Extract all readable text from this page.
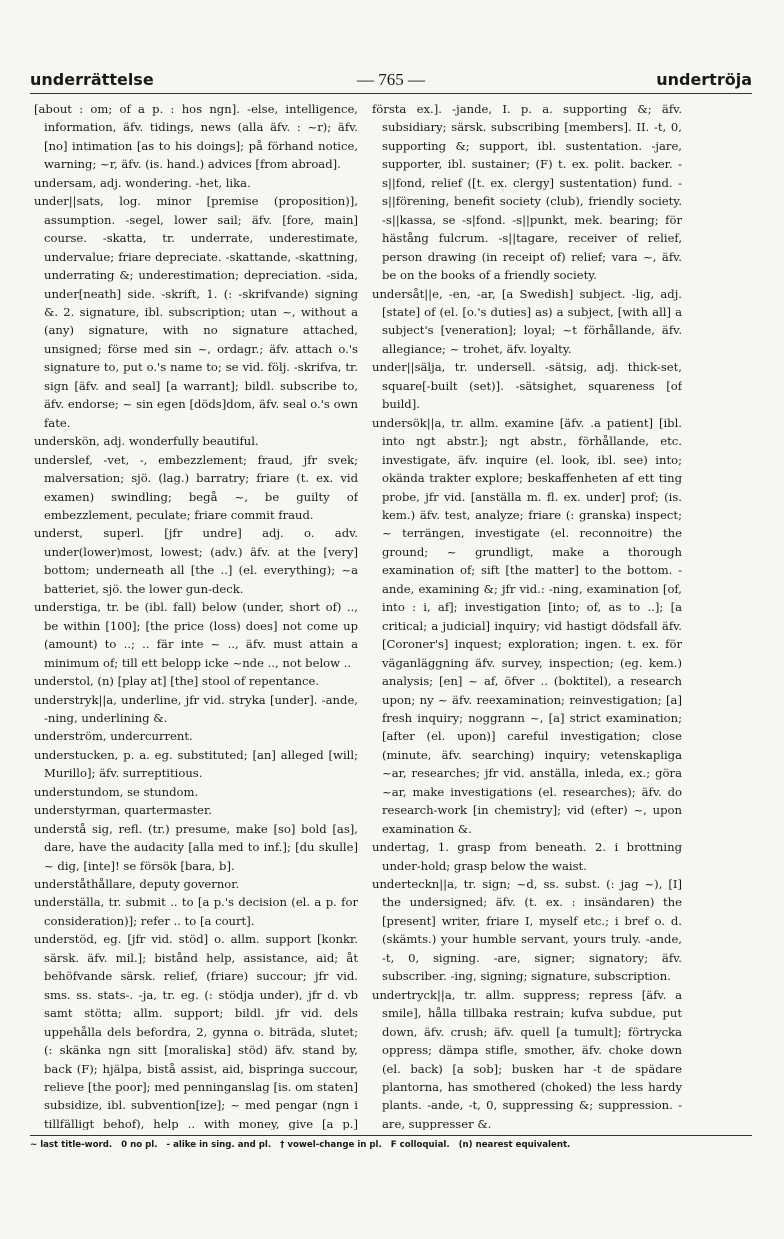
underrättelse	— 765 —	undertröja

[about : om; of a p. : hos ngn]. -else, intelligence, information, äfv. tidings, news (alla äfv. : ~r); äfv. [no] intimation [as to his doings]; på förhand notice, warning; ~r, äfv. (is. hand.) advices [from abroad].

undersam, adj. wondering. -het, lika.

under||sats, log. minor [premise (proposition)], assumption. -segel, lower sail; äfv. [fore, main] course. -skatta, tr. underrate, underestimate, undervalue; friare depreciate. -skattande, -skattning, underrating &; underestimation; depreciation. -sida, under[neath] side. -skrift, 1. (: -skrifvande) signing &. 2. signature, ibl. subscription; utan ~, without a (any) signature, with no signature attached, unsigned; förse med sin ~, ordagr.; äfv. attach o.'s signature to, put o.'s name to; se vid. följ. -skrifva, tr. sign [äfv. and seal] [a warrant]; bildl. subscribe to, äfv. endorse; ~ sin egen [döds]dom, äfv. seal o.'s own fate.

underskön, adj. wonderfully beautiful.

underslef, -vet, -, embezzlement; fraud, jfr svek; malversation; sjö. (lag.) barratry; friare (t. ex. vid examen) swindling; begå ~, be guilty of embezzlement, peculate; friare commit fraud.

underst, superl. [jfr undre] adj. o. adv. under(lower)most, lowest; (adv.) äfv. at the [very] bottom; underneath all [the ..] (el. everything); ~a batteriet, sjö. the lower gun-deck.

understiga, tr. be (ibl. fall) below (under, short of) .., be within [100]; [the price (loss) does] not come up (amount) to ..; .. fär inte ~ .., äfv. must attain a minimum of; till ett belopp icke ~nde .., not below ..

understol, (n) [play at] [the] stool of repentance.

understryk||a, underline, jfr vid. stryka [under]. -ande, -ning, underlining &.

underström, undercurrent.

understucken, p. a. eg. substituted; [an] alleged [will; Murillo]; äfv. surreptitious.

understundom, se stundom.

understyrman, quartermaster.

understå sig, refl. (tr.) presume, make [so] bold [as], dare, have the audacity [alla med to inf.]; [du skulle] ~ dig, [inte]! se försök [bara, b].

underståthållare, deputy governor.

underställa, tr. submit .. to [a p.'s decision (el. a p. for consideration)]; refer .. to [a court].

understöd, eg. [jfr vid. stöd] o. allm. support [konkr. särsk. äfv. mil.]; bistånd help, assistance, aid; åt behöfvande särsk. relief, (friare) succour; jfr vid. sms. ss. stats-. -ja, tr. eg. (: stödja under), jfr d. vb samt stötta; allm. support; bildl. jfr vid. dels uppehålla dels befordra, 2, gynna o. biträda, slutet; (: skänka ngn sitt [moraliska] stöd) äfv. stand by, back (F); hjälpa, bistå assist, aid, bispringa succour, relieve [the poor]; med penninganslag [is. om staten] subsidize, ibl. subvention[ize]; ~ med pengar (ngn i tillfälligt behof), help .. with money, give [a p.]

första ex.]. -jande, I. p. a. supporting &; äfv. subsidiary; särsk. subscribing [members]. II. -t, 0, supporting &; support, ibl. sustentation. -jare, supporter, ibl. sustainer; (F) t. ex. polit. backer. -s||fond, relief ([t. ex. clergy] sustentation) fund. -s||förening, benefit society (club), friendly society. -s||kassa, se -s|fond. -s||punkt, mek. bearing; för hästång fulcrum. -s||tagare, receiver of relief, person drawing (in receipt of) relief; vara ~, äfv. be on the books of a friendly society.

undersåt||e, -en, -ar, [a Swedish] subject. -lig, adj. [state] of (el. [o.'s duties] as) a subject, [with all] a subject's [veneration]; loyal; ~t förhållande, äfv. allegiance; ~ trohet, äfv. loyalty.

under||sälja, tr. undersell. -sätsig, adj. thick-set, square[-built (set)]. -sätsighet, squareness [of build].

undersök||a, tr. allm. examine [äfv. .a patient] [ibl. into ngt abstr.]; ngt abstr., förhållande, etc. investigate, äfv. inquire (el. look, ibl. see) into; okända trakter explore; beskaffenheten af ett ting probe, jfr vid. [anställa m. fl. ex. under] prof; (is. kem.) äfv. test, analyze; friare (: granska) inspect; ~ terrängen, investigate (el. reconnoitre) the ground; ~ grundligt, make a thorough examination of; sift [the matter] to the bottom. -ande, examining &; jfr vid.: -ning, examination [of, into : i, af]; investigation [into; of, as to ..]; [a critical; a judicial] inquiry; vid hastigt dödsfall äfv. [Coroner's] inquest; exploration; ingen. t. ex. för väganläggning äfv. survey, inspection; (eg. kem.) analysis; [en] ~ af, öfver .. (boktitel), a research upon; ny ~ äfv. reexamination; reinvestigation; [a] fresh inquiry; noggrann ~, [a] strict examination; [after (el. upon)] careful investigation; close (minute, äfv. searching) inquiry; vetenskapliga ~ar, researches; jfr vid. anställa, inleda, ex.; göra ~ar, make investigations (el. researches); äfv. do research-work [in chemistry]; vid (efter) ~, upon examination &.

undertag, 1. grasp from beneath. 2. i brottning under-hold; grasp below the waist.

underteckn||a, tr. sign; ~d, ss. subst. (: jag ~), [I] the undersigned; äfv. (t. ex. : insändaren) the [present] writer, friare I, myself etc.; i bref o. d. (skämts.) your humble servant, yours truly. -ande, -t, 0, signing. -are, signer; signatory; äfv. subscriber. -ing, signing; signature, subscription.

undertryck||a, tr. allm. suppress; repress [äfv. a smile], hålla tillbaka restrain; kufva subdue, put down, äfv. crush; äfv. quell [a tumult]; förtrycka oppress; dämpa stifle, smother, äfv. choke down (el. back) [a sob]; busken har -t de spädare plantorna, has smothered (choked) the less hardy plants. -ande, -t, 0, suppressing &; suppression. -are, suppresser &.

~ last title-word. 0 no pl. - alike in sing. and pl. † vowel-change in pl. F colloquial. (n) nearest equivalent.
